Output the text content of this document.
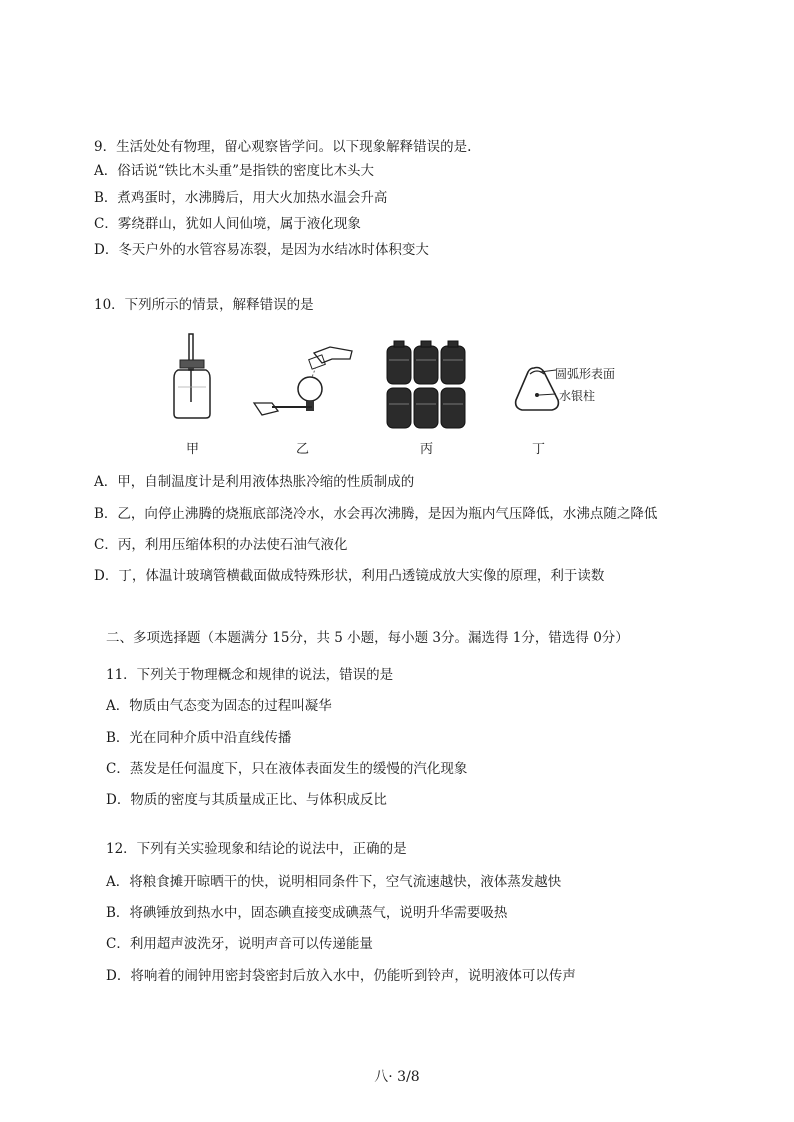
9．生活处处有物理，留心观察皆学问。以下现象解释错误的是.
A．俗话说“铁比木头重”是指铁的密度比木头大
B．煮鸡蛋时，水沸腾后，用大火加热水温会升高
C．雾绕群山，犹如人间仙境，属于液化现象
D．冬天户外的水管容易冻裂，是因为水结冰时体积变大
10．下列所示的情景，解释错误的是
甲	乙	丙
圆弧形表面
水银柱
丁
A．甲，自制温度计是利用液体热胀冷缩的性质制成的
B．乙，向停止沸腾的烧瓶底部浇冷水，水会再次沸腾，是因为瓶内气压降低，水沸点随之降低
C．丙，利用压缩体积的办法使石油气液化
D．丁，体温计玻璃管横截面做成特殊形状，利用凸透镜成放大实像的原理，利于读数
二、多项选择题（本题满分 15分，共 5 小题，每小题 3分。漏选得 1分，错选得 0分）
11．下列关于物理概念和规律的说法，错误的是
A．物质由气态变为固态的过程叫凝华
B．光在同种介质中沿直线传播
C．蒸发是任何温度下，只在液体表面发生的缓慢的汽化现象
D．物质的密度与其质量成正比、与体积成反比
12．下列有关实验现象和结论的说法中，正确的是
A．将粮食摊开晾晒干的快，说明相同条件下，空气流速越快，液体蒸发越快
B．将碘锤放到热水中，固态碘直接变成碘蒸气，说明升华需要吸热
C．利用超声波洗牙，说明声音可以传递能量
D．将响着的闹钟用密封袋密封后放入水中，仍能听到铃声，说明液体可以传声
八· 3/8
